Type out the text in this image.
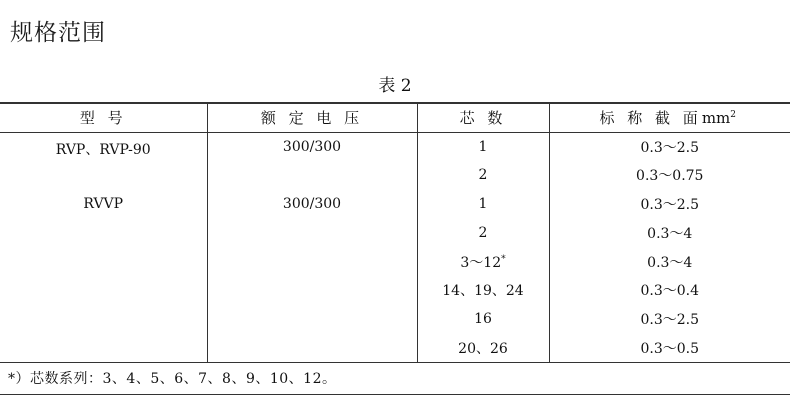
规格范围
表 2
型 号	额 定 电 压	芯 数	标 称 截 面$mm^2$
RVP、RVP-90	300/300	1	0.3～2.5
		2	0.3～0.75
RVVP	300/300	1	0.3～2.5
		2	0.3～4
		3～12*	0.3～4
		14、19、24	0.3～0.4
		16	0.3～2.5
		20、26	0.3～0.5
*）芯数系列：3、4、5、6、7、8、9、10、12。			
